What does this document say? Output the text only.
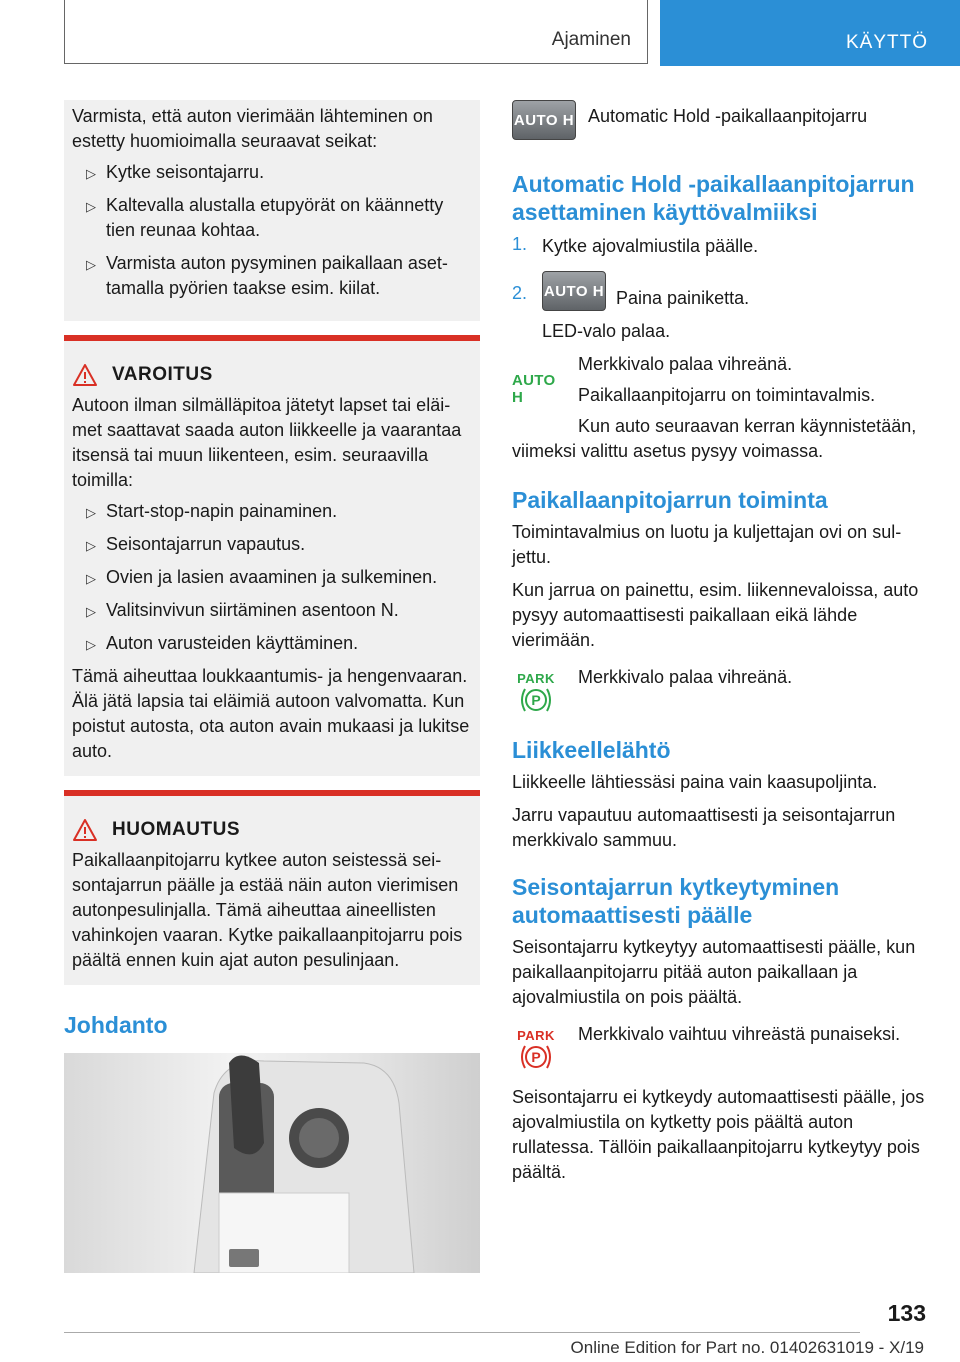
Ajaminen	KÄYTTÖ

Varmista, että auton vierimään lähteminen on estetty huomioimalla seuraavat seikat:

▷ Kytke seisontajarru.
▷ Kaltevalla alustalla etupyörät on käännetty tien reunaa kohtaa.
▷ Varmista auton pysyminen paikallaan asettamalla pyörien taakse esim. kiilat.
VAROITUS

Autoon ilman silmälläpitoa jätetyt lapset tai eläimet saattavat saada auton liikkeelle ja vaarantaa itsensä tai muun liikenteen, esim. seuraavilla toimilla:

▷ Start-stop-napin painaminen.
▷ Seisontajarrun vapautus.
▷ Ovien ja lasien avaaminen ja sulkeminen.
▷ Valitsinvivun siirtäminen asentoon N.
▷ Auton varusteiden käyttäminen.

Tämä aiheuttaa loukkaantumis- ja hengenvaaran. Älä jätä lapsia tai eläimiä autoon valvomatta. Kun poistut autosta, ota auton avain mukaasi ja lukitse auto.

HUOMAUTUS

Paikallaanpitojarru kytkee auton seistessä seisontajarrun päälle ja estää näin auton vierimisen autonpesulinjalla. Tämä aiheuttaa aineellisten vahinkojen vaaran. Kytke paikallaanpitojarru pois päältä ennen kuin ajat auton pesulinjaan.

Johdanto
AUTO H Automatic Hold -paikallaanpitojarru

Automatic Hold -paikallaanpitojarrun asettaminen käyttövalmiiksi
1. Kytke ajovalmiustila päälle.

2. AUTO H Paina painiketta.

LED-valo palaa.

AUTO H

Merkkivalo palaa vihreänä.

Paikallaanpitojarru on toimintavalmis.

Kun auto seuraavan kerran käynnistetään, viimeksi valittu asetus pysyy voimassa.

Paikallaanpitojarrun toiminta

Toimintavalmius on luotu ja kuljettajan ovi on suljettu.

Kun jarrua on painettu, esim. liikennevaloissa, auto pysyy automaattisesti paikallaan eikä lähde vierimään.

PARK
P

Merkkivalo palaa vihreänä.

Liikkeellelähtö

Liikkeelle lähtiessäsi paina vain kaasupoljinta.

Jarru vapautuu automaattisesti ja seisontajarrun merkkivalo sammuu.

Seisontajarrun kytkeytyminen automaattisesti päälle

Seisontajarru kytkeytyy automaattisesti päälle, kun paikallaanpitojarru pitää auton paikallaan ja ajovalmiustila on pois päältä.

PARK
P

Merkkivalo vaihtuu vihreästä punaiseksi.

Seisontajarru ei kytkeydy automaattisesti päälle, jos ajovalmiustila on kytketty pois päältä auton rullatessa. Tällöin paikallaanpitojarru kytkeytyy pois päältä.

133
Online Edition for Part no. 01402631019 - X/19
